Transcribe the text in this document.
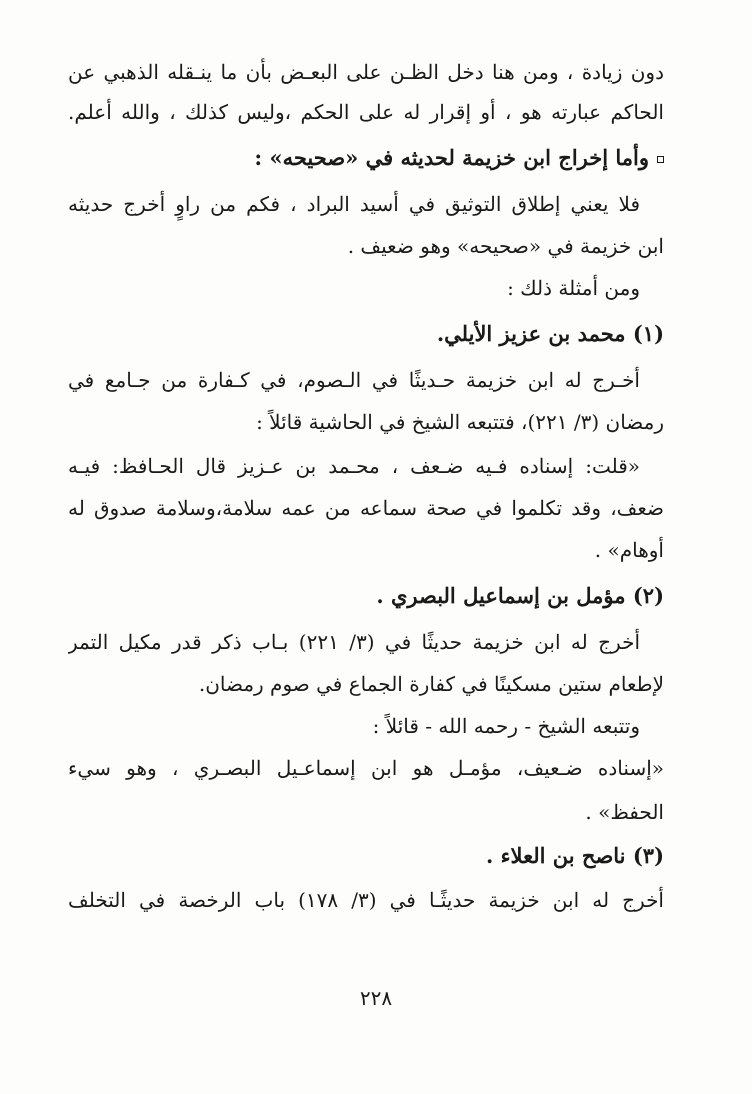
دون زيادة ، ومن هنا دخل الظـن على البعـض بأن ما ينـقله الذهبي عن
الحاكم عبارته هو ، أو إقرار له على الحكم ،وليس كذلك ، والله أعلم.
وأما إخراج ابن خزيمة لحديثه في «صحيحه» :
فلا يعني إطلاق التوثيق في أسيد البراد ، فكم من راوٍ أخرج حديثه
ابن خزيمة في «صحيحه» وهو ضعيف .
ومن أمثلة ذلك :
(١) محمد بن عزيز الأيلي.
أخـرج له ابن خزيمة حـديثًا في الـصوم، في كـفارة من جـامع في
رمضان (٣/ ٢٢١)، فتتبعه الشيخ في الحاشية قائلاً :
«قلت: إسناده فـيه ضـعف ، محـمد بن عـزيز قال الحـافظ: فيـه
ضعف، وقد تكلموا في صحة سماعه من عمه سلامة،وسلامة صدوق له
أوهام» .
(٢) مؤمل بن إسماعيل البصري .
أخرج له ابن خزيمة حديثًا في (٣/ ٢٢١) بـاب ذكر قدر مكيل التمر
لإطعام ستين مسكينًا في كفارة الجماع في صوم رمضان.
وتتبعه الشيخ - رحمه الله - قائلاً :
«إسناده ضـعيف، مؤمـل هو ابن إسماعـيل البصـري ، وهو سيء
الحفظ» .
(٣) ناصح بن العلاء .
أخرج له ابن خزيمة حديثًـا في (٣/ ١٧٨) باب الرخصة في التخلف
٢٢٨
